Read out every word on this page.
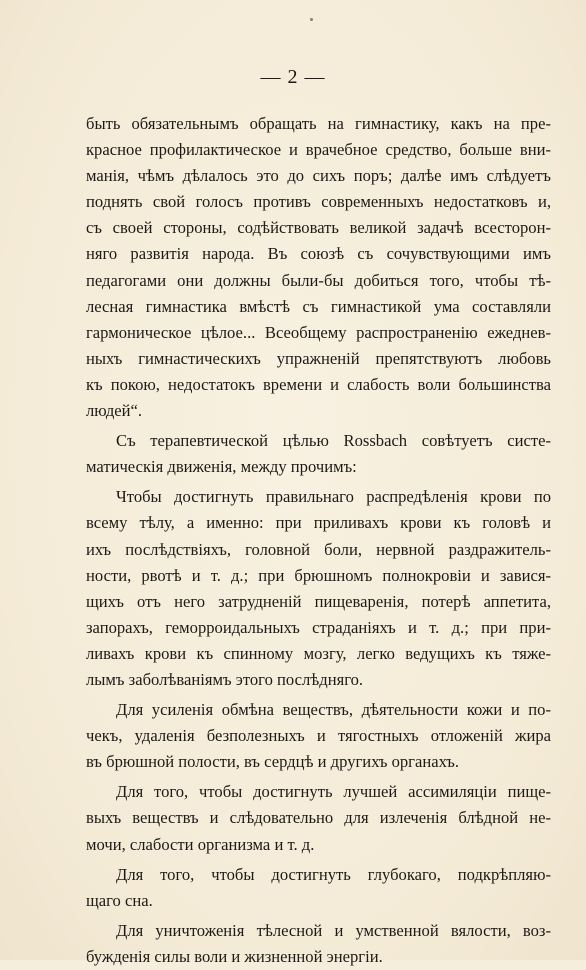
— 2 —
быть обязательнымъ обращать на гимнастику, какъ на пре-
красное профилактическое и врачебное средство, больше вни-
манія, чѣмъ дѣлалось это до сихъ поръ; далѣе имъ слѣдуетъ
поднять свой голосъ противъ современныхъ недостатковъ и,
съ своей стороны, содѣйствовать великой задачѣ всесторон-
няго развитія народа. Въ союзѣ съ сочувствующими имъ
педагогами они должны были-бы добиться того, чтобы тѣ-
лесная гимнастика вмѣстѣ съ гимнастикой ума составляли
гармоническое цѣлое... Всеобщему распространенію ежеднев-
ныхъ гимнастическихъ упражненій препятствуютъ любовь
къ покою, недостатокъ времени и слабость воли большинства
людей“.
Съ терапевтической цѣлью Rossbach совѣтуетъ систе-
матическія движенія, между прочимъ:
Чтобы достигнуть правильнаго распредѣленія крови по
всему тѣлу, а именно: при приливахъ крови къ головѣ и
ихъ послѣдствіяхъ, головной боли, нервной раздражитель-
ности, рвотѣ и т. д.; при брюшномъ полнокровіи и завися-
щихъ отъ него затрудненій пищеваренія, потерѣ аппетита,
запорахъ, геморроидальныхъ страданіяхъ и т. д.; при при-
ливахъ крови къ спинному мозгу, легко ведущихъ къ тяже-
лымъ заболѣваніямъ этого послѣдняго.
Для усиленія обмѣна веществъ, дѣятельности кожи и по-
чекъ, удаленія безполезныхъ и тягостныхъ отложеній жира
въ брюшной полости, въ сердцѣ и другихъ органахъ.
Для того, чтобы достигнуть лучшей ассимиляціи пище-
выхъ веществъ и слѣдовательно для излеченія блѣдной не-
мочи, слабости организма и т. д.
Для того, чтобы достигнуть глубокаго, подкрѣпляю-
щаго сна.
Для уничтоженія тѣлесной и умственной вялости, воз-
бужденія силы воли и жизненной энергіи.
